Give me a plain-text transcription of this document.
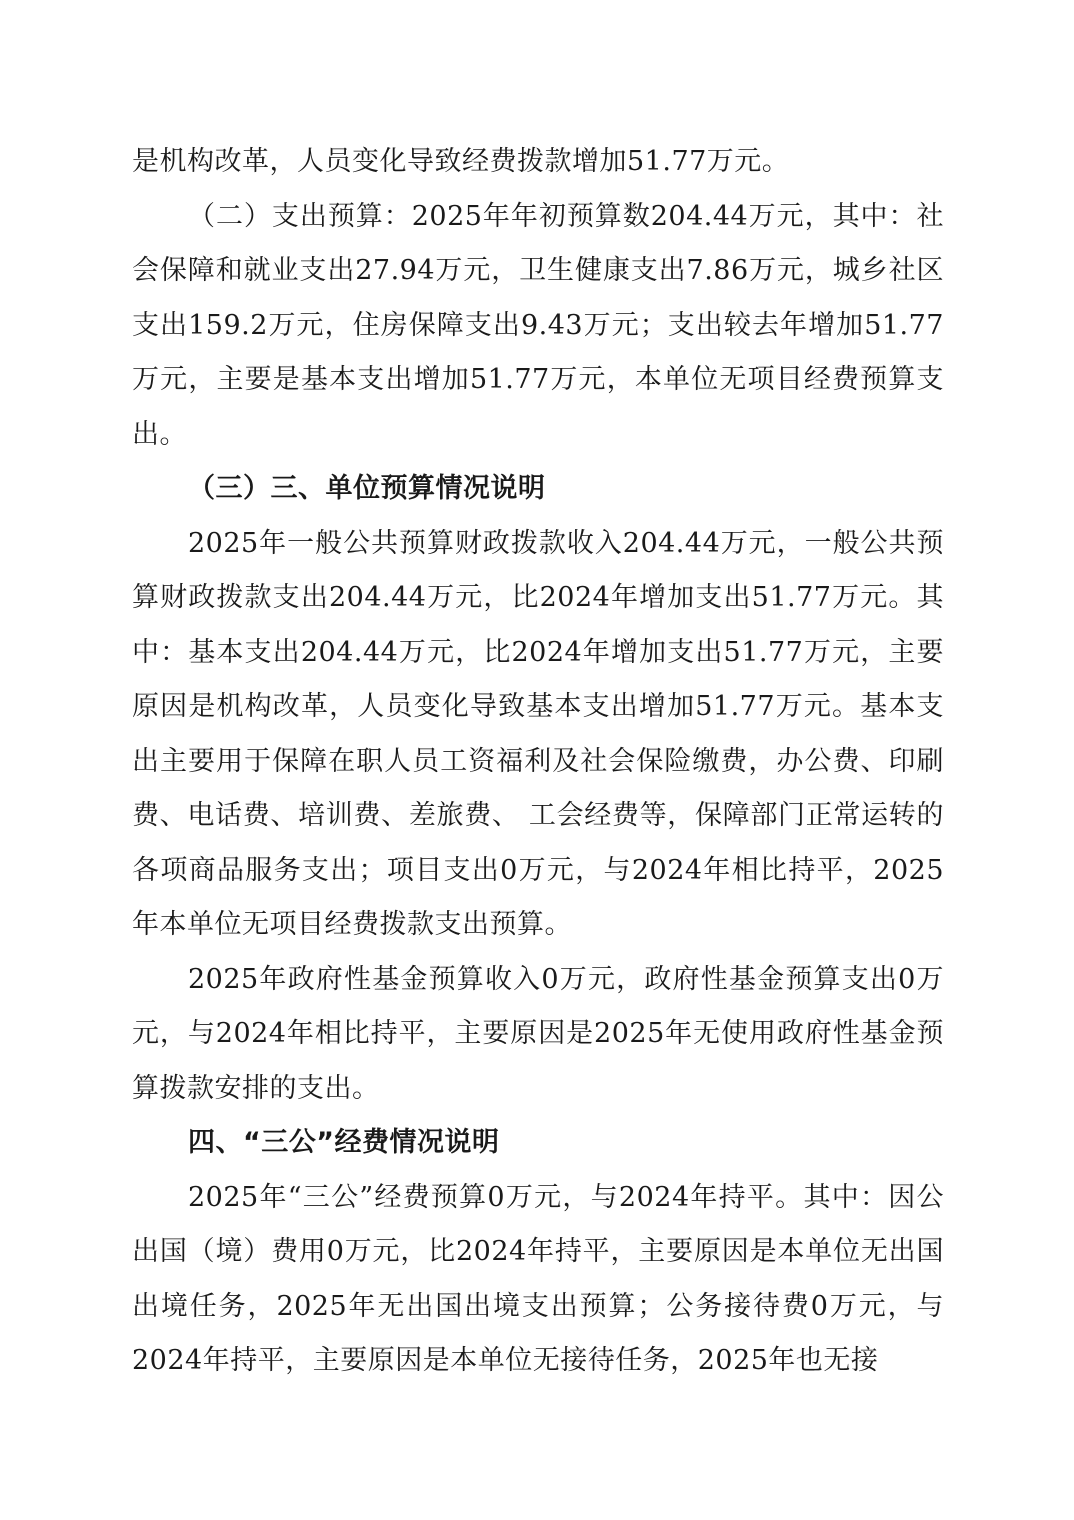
是机构改革，人员变化导致经费拨款增加51.77万元。

（二）支出预算：2025年年初预算数204.44万元，其中：社会保障和就业支出27.94万元，卫生健康支出7.86万元，城乡社区支出159.2万元，住房保障支出9.43万元；支出较去年增加51.77万元，主要是基本支出增加51.77万元，本单位无项目经费预算支出。

（三）三、单位预算情况说明

2025年一般公共预算财政拨款收入204.44万元，一般公共预算财政拨款支出204.44万元，比2024年增加支出51.77万元。其中：基本支出204.44万元，比2024年增加支出51.77万元，主要原因是机构改革，人员变化导致基本支出增加51.77万元。基本支出主要用于保障在职人员工资福利及社会保险缴费，办公费、印刷费、电话费、培训费、差旅费、 工会经费等，保障部门正常运转的各项商品服务支出；项目支出0万元，与2024年相比持平，2025年本单位无项目经费拨款支出预算。

2025年政府性基金预算收入0万元，政府性基金预算支出0万元，与2024年相比持平，主要原因是2025年无使用政府性基金预算拨款安排的支出。

四、“三公”经费情况说明

2025年“三公”经费预算0万元，与2024年持平。其中：因公出国（境）费用0万元，比2024年持平，主要原因是本单位无出国出境任务，2025年无出国出境支出预算；公务接待费0万元，与2024年持平，主要原因是本单位无接待任务，2025年也无接
